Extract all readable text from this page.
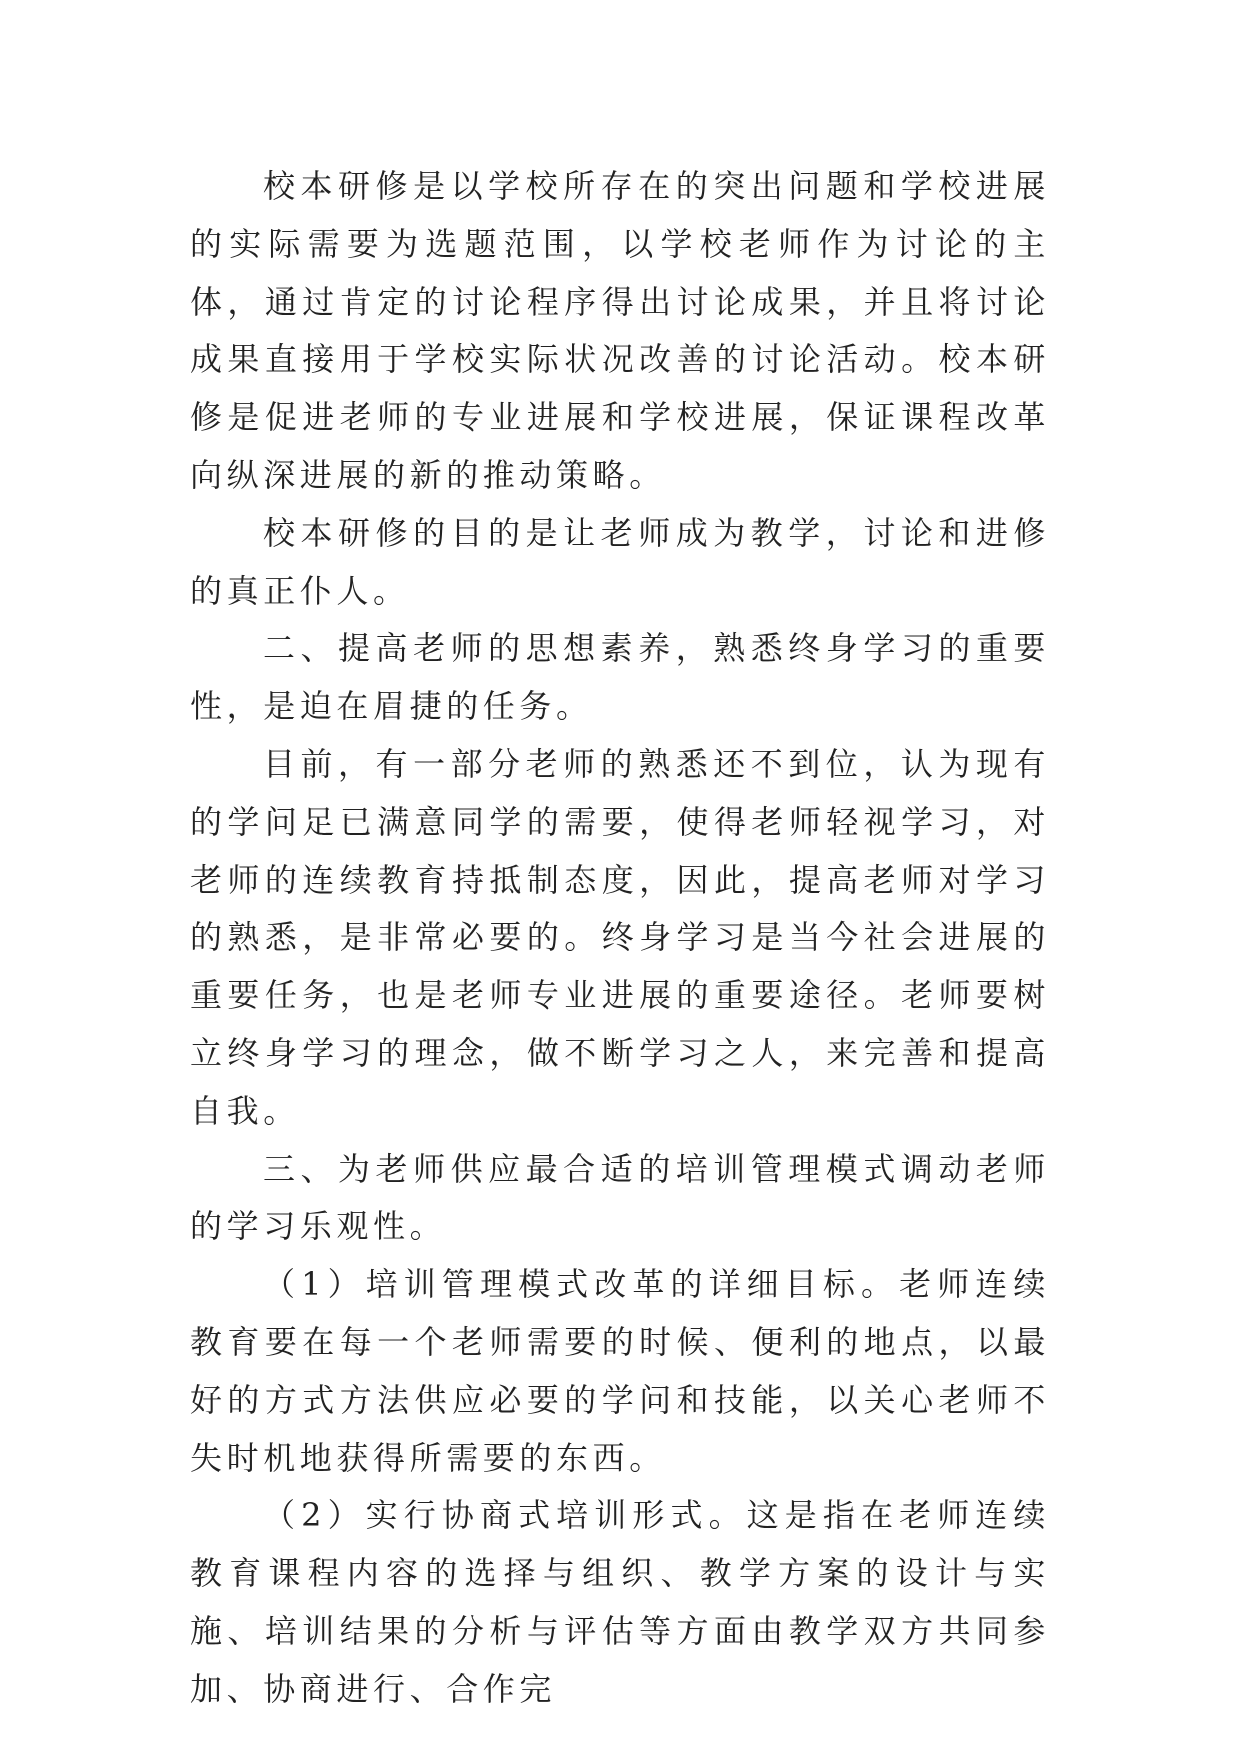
校本研修是以学校所存在的突出问题和学校进展的实际需要为选题范围，以学校老师作为讨论的主体，通过肯定的讨论程序得出讨论成果，并且将讨论成果直接用于学校实际状况改善的讨论活动。校本研修是促进老师的专业进展和学校进展，保证课程改革向纵深进展的新的推动策略。

校本研修的目的是让老师成为教学，讨论和进修的真正仆人。

二、提高老师的思想素养，熟悉终身学习的重要性，是迫在眉捷的任务。

目前，有一部分老师的熟悉还不到位，认为现有的学问足已满意同学的需要，使得老师轻视学习，对老师的连续教育持抵制态度，因此，提高老师对学习的熟悉，是非常必要的。终身学习是当今社会进展的重要任务，也是老师专业进展的重要途径。老师要树立终身学习的理念，做不断学习之人，来完善和提高自我。

三、为老师供应最合适的培训管理模式调动老师的学习乐观性。

（1）培训管理模式改革的详细目标。老师连续教育要在每一个老师需要的时候、便利的地点，以最好的方式方法供应必要的学问和技能，以关心老师不失时机地获得所需要的东西。

（2）实行协商式培训形式。这是指在老师连续教育课程内容的选择与组织、教学方案的设计与实施、培训结果的分析与评估等方面由教学双方共同参加、协商进行、合作完
